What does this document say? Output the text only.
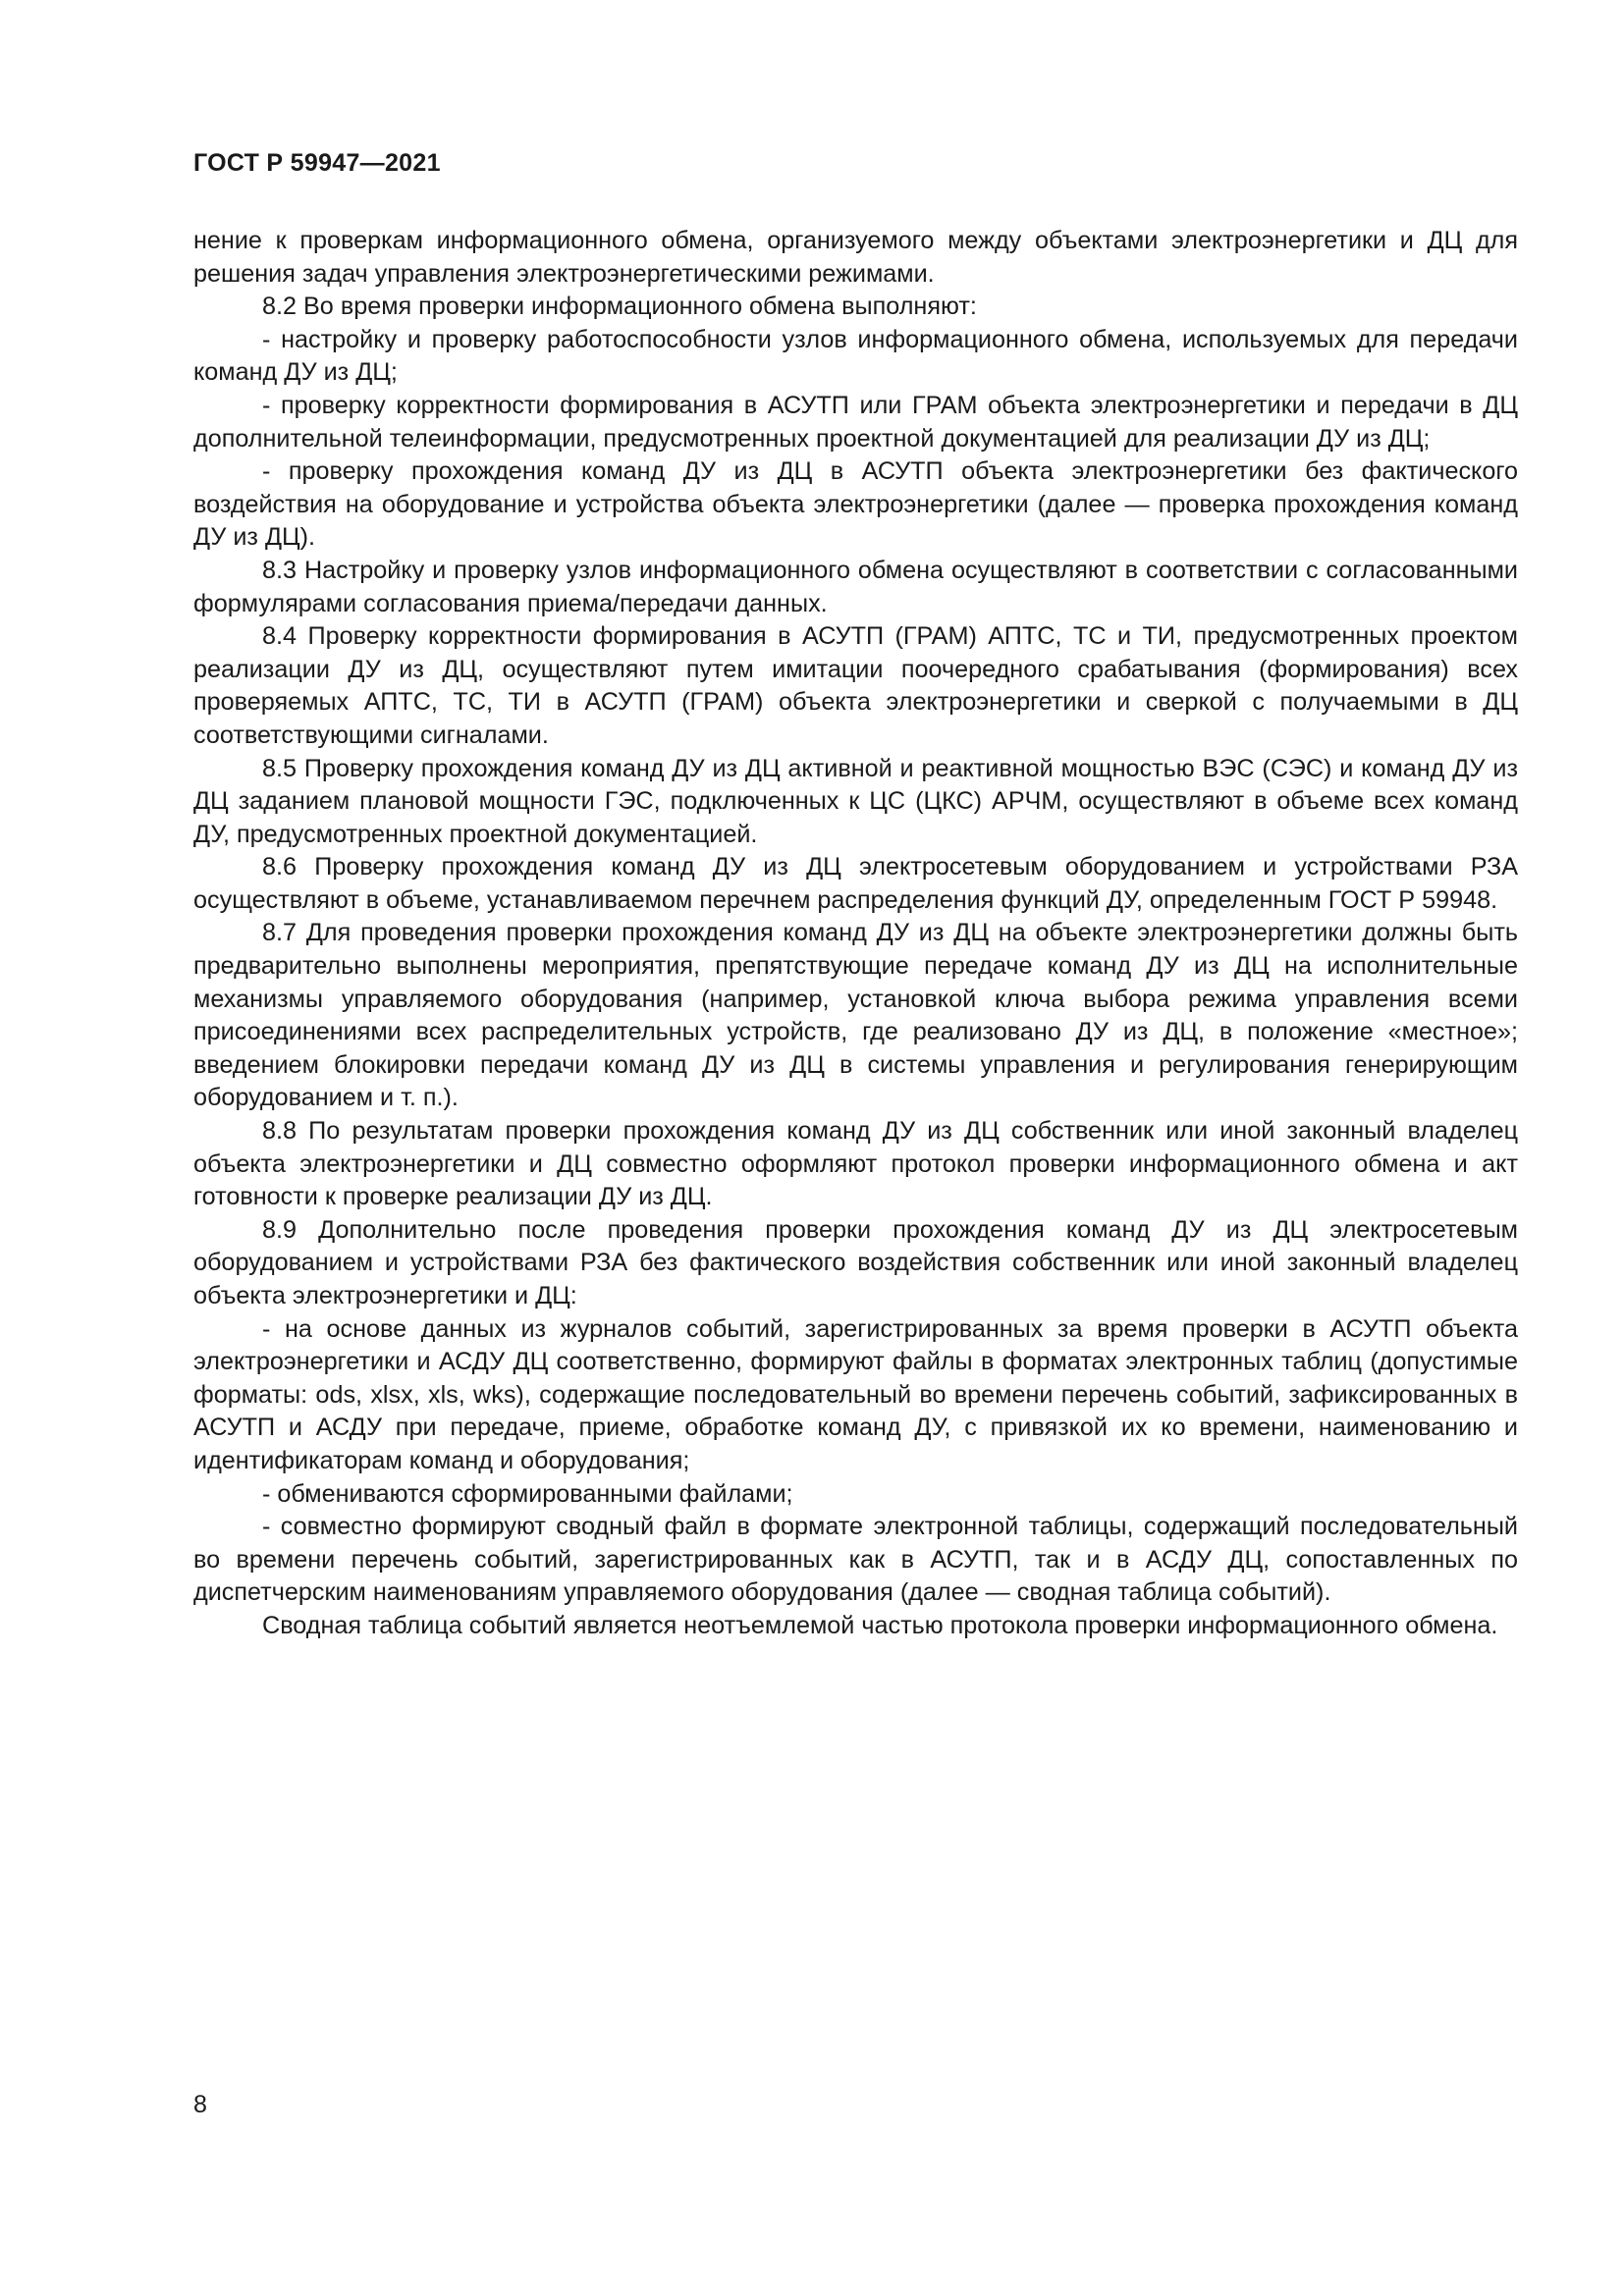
ГОСТ Р 59947—2021

нение к проверкам информационного обмена, организуемого между объектами электроэнергетики и ДЦ для решения задач управления электроэнергетическими режимами.

8.2 Во время проверки информационного обмена выполняют:

- настройку и проверку работоспособности узлов информационного обмена, используемых для передачи команд ДУ из ДЦ;

- проверку корректности формирования в АСУТП или ГРАМ объекта электроэнергетики и передачи в ДЦ дополнительной телеинформации, предусмотренных проектной документацией для реализации ДУ из ДЦ;

- проверку прохождения команд ДУ из ДЦ в АСУТП объекта электроэнергетики без фактического воздействия на оборудование и устройства объекта электроэнергетики (далее — проверка прохождения команд ДУ из ДЦ).

8.3 Настройку и проверку узлов информационного обмена осуществляют в соответствии с согласованными формулярами согласования приема/передачи данных.

8.4 Проверку корректности формирования в АСУТП (ГРАМ) АПТС, ТС и ТИ, предусмотренных проектом реализации ДУ из ДЦ, осуществляют путем имитации поочередного срабатывания (формирования) всех проверяемых АПТС, ТС, ТИ в АСУТП (ГРАМ) объекта электроэнергетики и сверкой с получаемыми в ДЦ соответствующими сигналами.

8.5 Проверку прохождения команд ДУ из ДЦ активной и реактивной мощностью ВЭС (СЭС) и команд ДУ из ДЦ заданием плановой мощности ГЭС, подключенных к ЦС (ЦКС) АРЧМ, осуществляют в объеме всех команд ДУ, предусмотренных проектной документацией.

8.6 Проверку прохождения команд ДУ из ДЦ электросетевым оборудованием и устройствами РЗА осуществляют в объеме, устанавливаемом перечнем распределения функций ДУ, определенным ГОСТ Р 59948.

8.7 Для проведения проверки прохождения команд ДУ из ДЦ на объекте электроэнергетики должны быть предварительно выполнены мероприятия, препятствующие передаче команд ДУ из ДЦ на исполнительные механизмы управляемого оборудования (например, установкой ключа выбора режима управления всеми присоединениями всех распределительных устройств, где реализовано ДУ из ДЦ, в положение «местное»; введением блокировки передачи команд ДУ из ДЦ в системы управления и регулирования генерирующим оборудованием и т. п.).

8.8 По результатам проверки прохождения команд ДУ из ДЦ собственник или иной законный владелец объекта электроэнергетики и ДЦ совместно оформляют протокол проверки информационного обмена и акт готовности к проверке реализации ДУ из ДЦ.

8.9 Дополнительно после проведения проверки прохождения команд ДУ из ДЦ электросетевым оборудованием и устройствами РЗА без фактического воздействия собственник или иной законный владелец объекта электроэнергетики и ДЦ:

- на основе данных из журналов событий, зарегистрированных за время проверки в АСУТП объекта электроэнергетики и АСДУ ДЦ соответственно, формируют файлы в форматах электронных таблиц (допустимые форматы: ods, xlsx, xls, wks), содержащие последовательный во времени перечень событий, зафиксированных в АСУТП и АСДУ при передаче, приеме, обработке команд ДУ, с привязкой их ко времени, наименованию и идентификаторам команд и оборудования;

- обмениваются сформированными файлами;

- совместно формируют сводный файл в формате электронной таблицы, содержащий последовательный во времени перечень событий, зарегистрированных как в АСУТП, так и в АСДУ ДЦ, сопоставленных по диспетчерским наименованиям управляемого оборудования (далее — сводная таблица событий).

Сводная таблица событий является неотъемлемой частью протокола проверки информационного обмена.

8
